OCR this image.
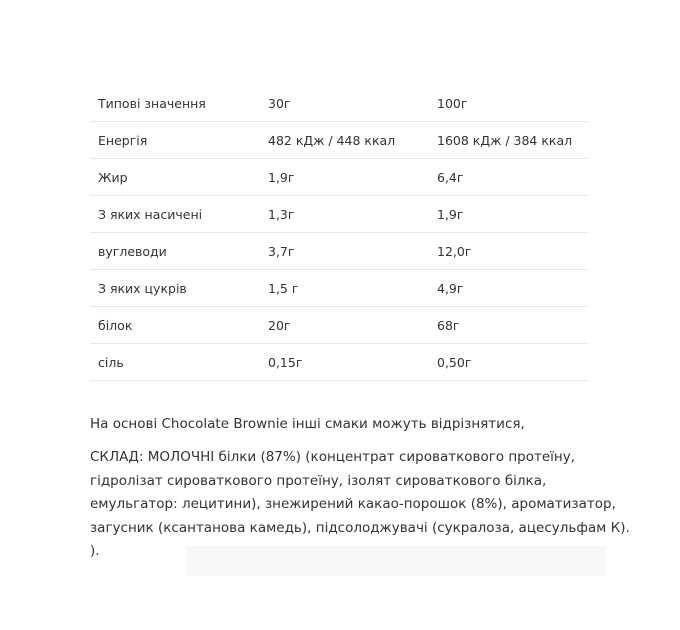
Типові значення	30г	100г
Енергія	482 кДж / 448 ккал	1608 кДж / 384 ккал
Жир	1,9г	6,4г
З яких насичені	1,3г	1,9г
вуглеводи	3,7г	12,0г
З яких цукрів	1,5 г	4,9г
білок	20г	68г
сіль	0,15г	0,50г

На основі Chocolate Brownie інші смаки можуть відрізнятися,

СКЛАД: МОЛОЧНІ білки (87%) (концентрат сироваткового протеїну,
гідролізат сироваткового протеїну, ізолят сироваткового білка,
емульгатор: лецитини), знежирений какао-порошок (8%), ароматизатор,
загусник (ксантанова камедь), підсолоджувачі (сукралоза, ацесульфам К).
).
